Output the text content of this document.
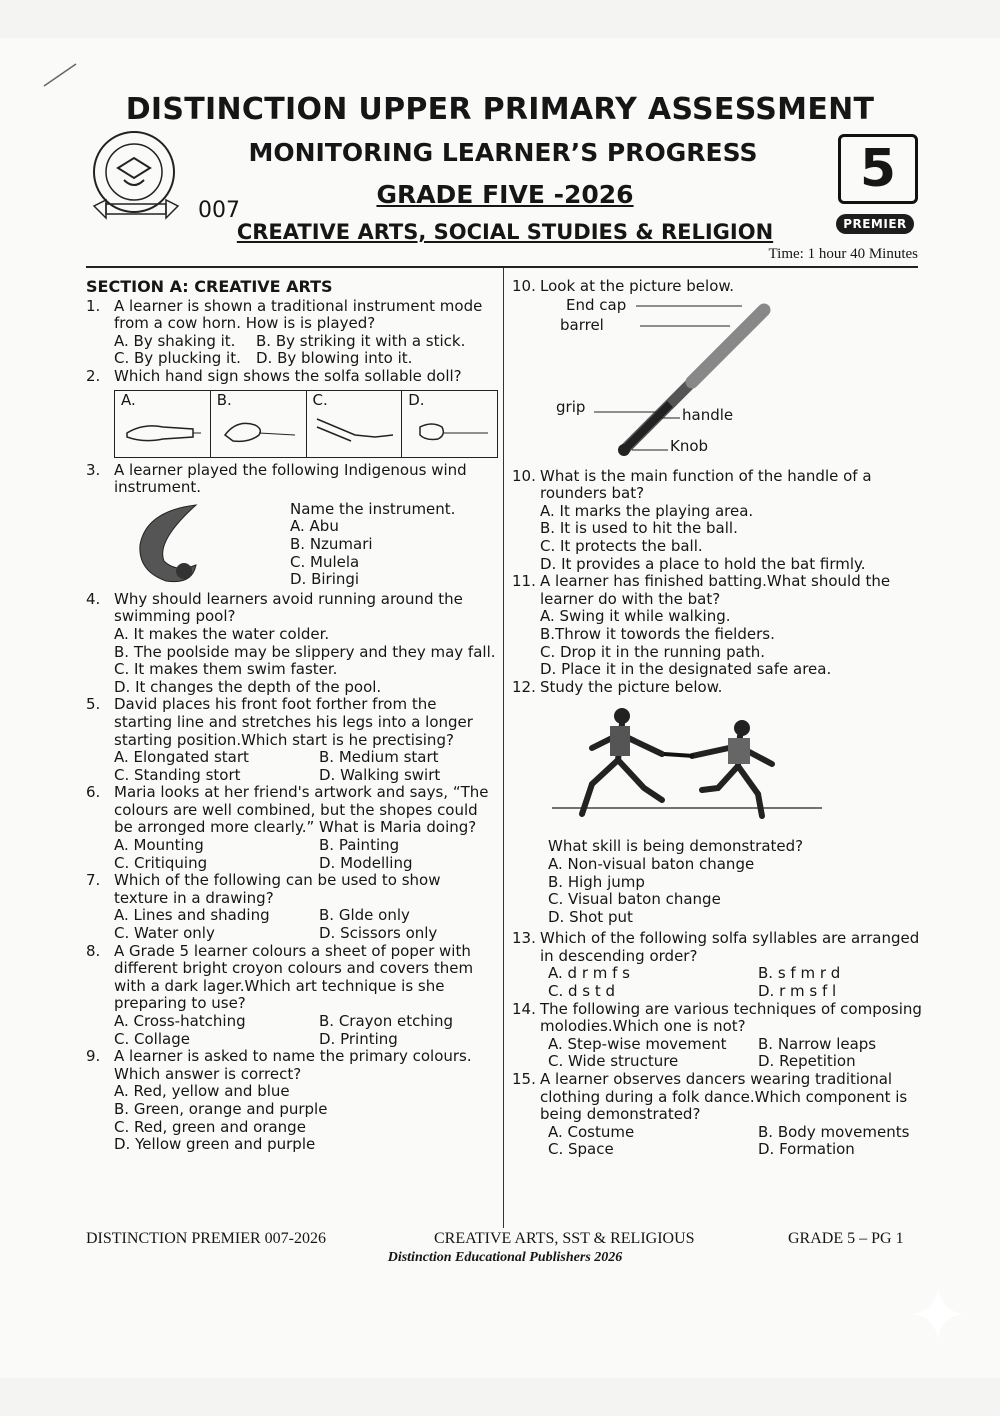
DISTINCTION UPPER PRIMARY ASSESSMENT
MONITORING LEARNER’S PROGRESS
GRADE FIVE -2026
007
CREATIVE ARTS, SOCIAL STUDIES & RELIGION
5
PREMIER
Time: 1 hour 40 Minutes
SECTION A: CREATIVE ARTS
1. A learner is shown a traditional instrument mode from a cow horn. How is is played?
A. By shaking it.	B. By striking it with a stick.
C. By plucking it.	D. By blowing into it.
2. Which hand sign shows the solfa sollable doll?
A.	B.	C.	D.
3. A learner played the following Indigenous wind instrument.
Name the instrument.
A. Abu
B. Nzumari
C. Mulela
D. Biringi
4. Why should learners avoid running around the swimming pool?
A. It makes the water colder.
B. The poolside may be slippery and they may fall.
C. It makes them swim faster.
D. It changes the depth of the pool.
5. David places his front foot forther from the starting line and stretches his legs into a longer starting position.Which start is he prectising?
A. Elongated start	B. Medium start
C. Standing stort	D. Walking swirt
6. Maria looks at her friend's artwork and says, “The colours are well combined, but the shopes could be arronged more clearly.” What is Maria doing?
A. Mounting	B. Painting
C. Critiquing	D. Modelling
7. Which of the following can be used to show texture in a drawing?
A. Lines and shading	B. Glde only
C. Water only	D. Scissors only
8. A Grade 5 learner colours a sheet of poper with different bright croyon colours and covers them with a dark lager.Which art technique is she preparing to use?
A. Cross-hatching	B. Crayon etching
C. Collage	D. Printing
9. A learner is asked to name the primary colours. Which answer is correct?
A. Red, yellow and blue
B. Green, orange and purple
C. Red, green and orange
D. Yellow green and purple
10. Look at the picture below.
End cap
barrel
grip	handle
Knob
10. What is the main function of the handle of a rounders bat?
A. It marks the playing area.
B. It is used to hit the ball.
C. It protects the ball.
D. It provides a place to hold the bat firmly.
11. A learner has finished batting.What should the learner do with the bat?
A. Swing it while walking.
B.Throw it towords the fielders.
C. Drop it in the running path.
D. Place it in the designated safe area.
12. Study the picture below.
What skill is being demonstrated?
A. Non-visual baton change
B. High jump
C. Visual baton change
D. Shot put
13. Which of the following solfa syllables are arranged in descending order?
A. d r m f s	B. s f m r d
C. d s t d	D. r m s f l
14. The following are various techniques of composing molodies.Which one is not?
A. Step-wise movement	B. Narrow leaps
C. Wide structure	D. Repetition
15. A learner observes dancers wearing traditional clothing during a folk dance.Which component is being demonstrated?
A. Costume	B. Body movements
C. Space	D. Formation
DISTINCTION PREMIER 007-2026	CREATIVE ARTS, SST & RELIGIOUS	GRADE 5 – PG 1
Distinction Educational Publishers 2026
